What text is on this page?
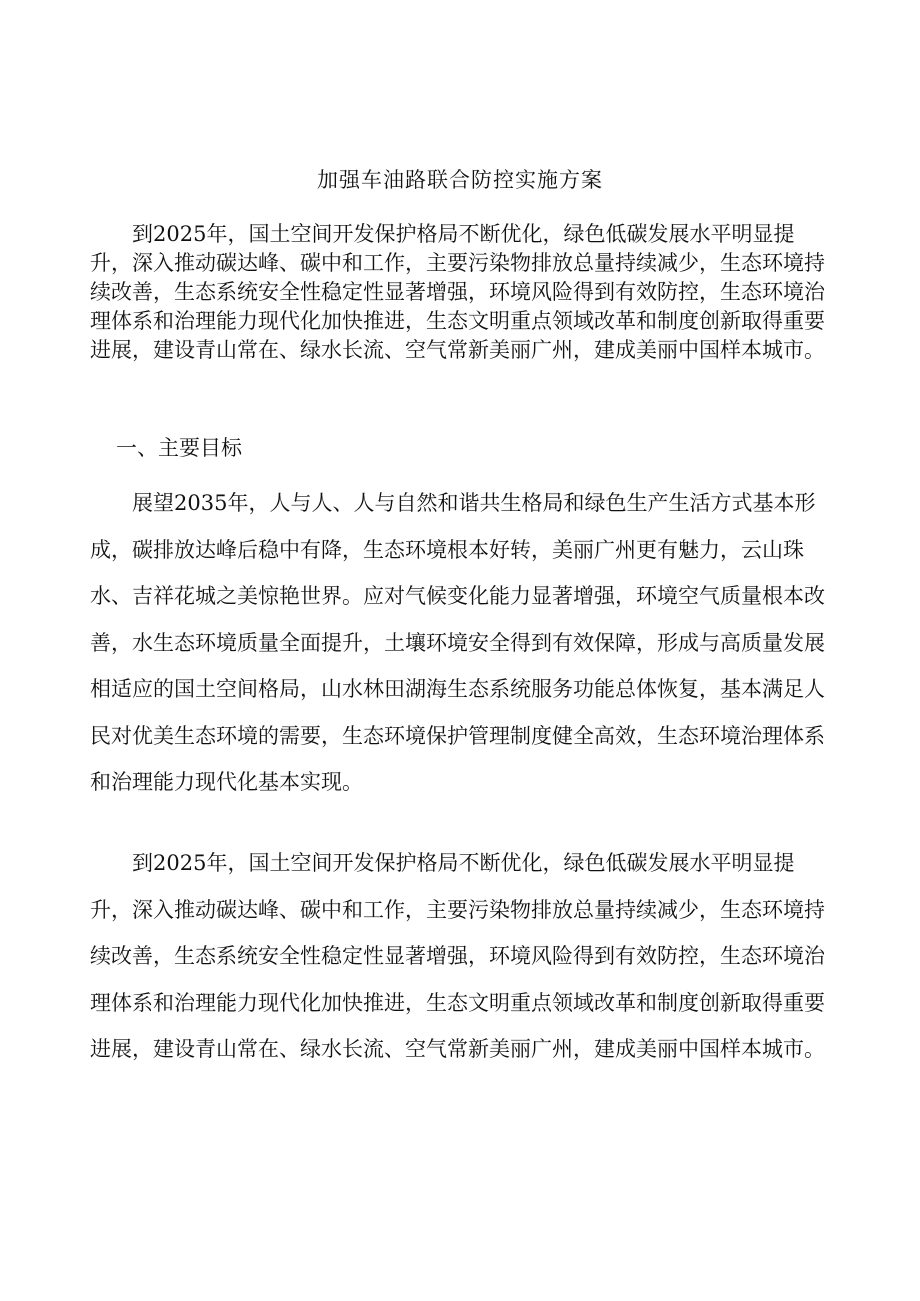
加强车油路联合防控实施方案

到2025年，国土空间开发保护格局不断优化，绿色低碳发展水平明显提升，深入推动碳达峰、碳中和工作，主要污染物排放总量持续减少，生态环境持续改善，生态系统安全性稳定性显著增强，环境风险得到有效防控，生态环境治理体系和治理能力现代化加快推进，生态文明重点领域改革和制度创新取得重要进展，建设青山常在、绿水长流、空气常新美丽广州，建成美丽中国样本城市。

一、主要目标

展望2035年，人与人、人与自然和谐共生格局和绿色生产生活方式基本形成，碳排放达峰后稳中有降，生态环境根本好转，美丽广州更有魅力，云山珠水、吉祥花城之美惊艳世界。应对气候变化能力显著增强，环境空气质量根本改善，水生态环境质量全面提升，土壤环境安全得到有效保障，形成与高质量发展相适应的国土空间格局，山水林田湖海生态系统服务功能总体恢复，基本满足人民对优美生态环境的需要，生态环境保护管理制度健全高效，生态环境治理体系和治理能力现代化基本实现。

到2025年，国土空间开发保护格局不断优化，绿色低碳发展水平明显提升，深入推动碳达峰、碳中和工作，主要污染物排放总量持续减少，生态环境持续改善，生态系统安全性稳定性显著增强，环境风险得到有效防控，生态环境治理体系和治理能力现代化加快推进，生态文明重点领域改革和制度创新取得重要进展，建设青山常在、绿水长流、空气常新美丽广州，建成美丽中国样本城市。
